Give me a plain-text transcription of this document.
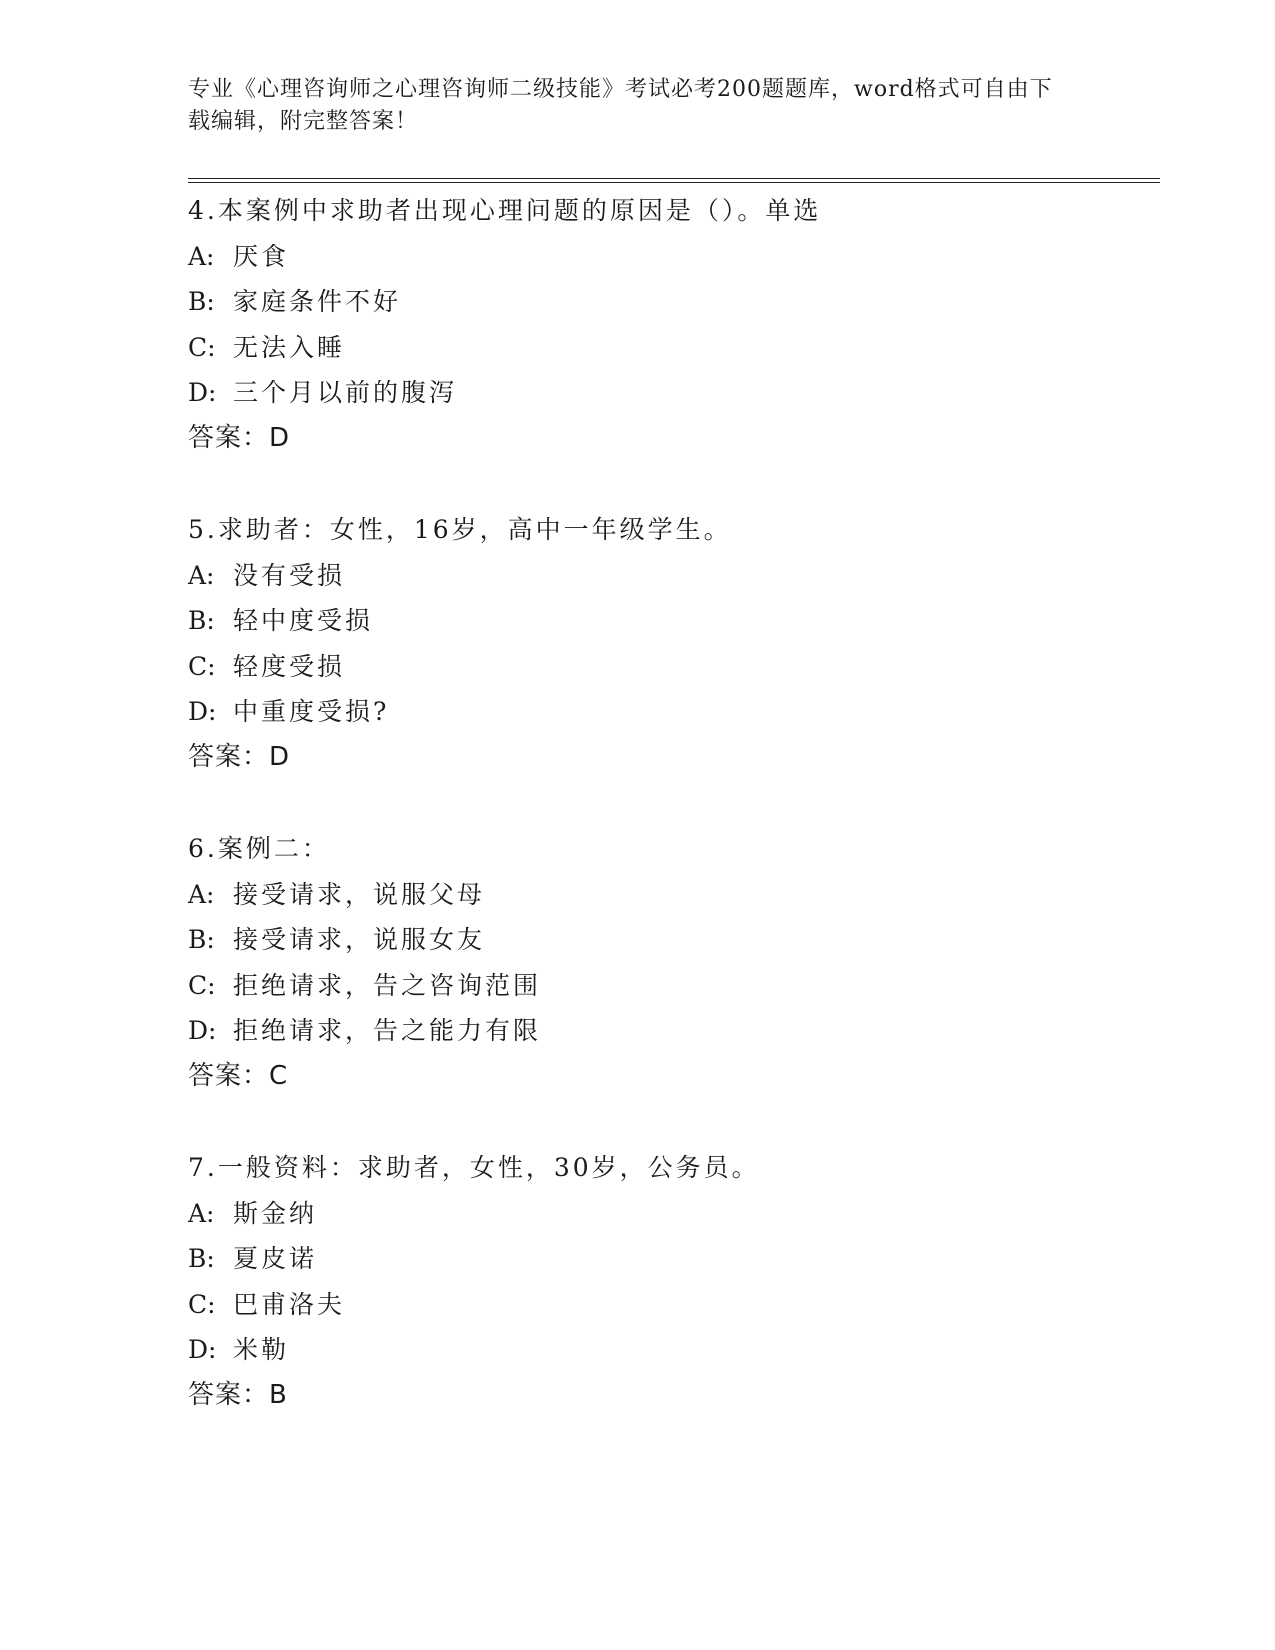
专业《心理咨询师之心理咨询师二级技能》考试必考200题题库，word格式可自由下载编辑，附完整答案！

4.本案例中求助者出现心理问题的原因是（）。单选
A: 厌食
B: 家庭条件不好
C: 无法入睡
D: 三个月以前的腹泻
答案：D
5.求助者：女性，16岁，高中一年级学生。
A: 没有受损
B: 轻中度受损
C: 轻度受损
D: 中重度受损?
答案：D
6.案例二：
A: 接受请求，说服父母
B: 接受请求，说服女友
C: 拒绝请求，告之咨询范围
D: 拒绝请求，告之能力有限
答案：C
7.一般资料：求助者，女性，30岁，公务员。
A: 斯金纳
B: 夏皮诺
C: 巴甫洛夫
D: 米勒
答案：B
